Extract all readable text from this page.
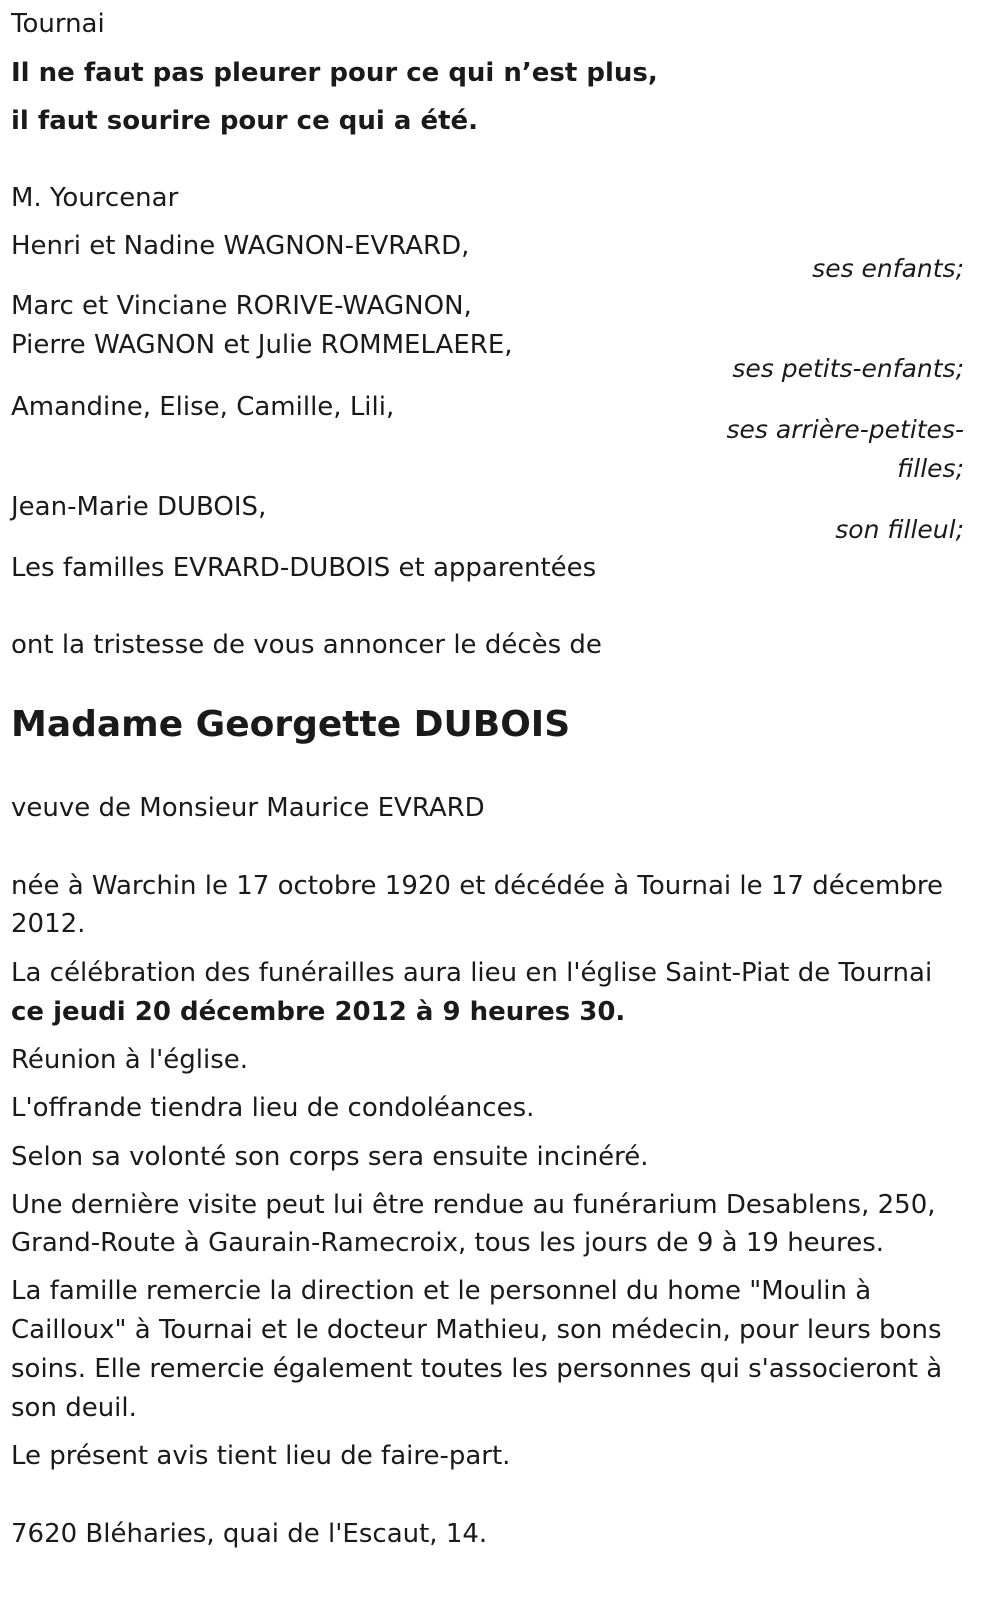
Tournai

Il ne faut pas pleurer pour ce qui n’est plus,

il faut sourire pour ce qui a été.

M. Yourcenar

Henri et Nadine WAGNON-EVRARD,

ses enfants;

Marc et Vinciane RORIVE-WAGNON,

Pierre WAGNON et Julie ROMMELAERE,

ses petits-enfants;

Amandine, Elise, Camille, Lili,

ses arrière-petites-

filles;

Jean-Marie DUBOIS,

son filleul;

Les familles EVRARD-DUBOIS et apparentées

ont la tristesse de vous annoncer le décès de

Madame Georgette DUBOIS

veuve de Monsieur Maurice EVRARD

née à Warchin le 17 octobre 1920 et décédée à Tournai le 17 décembre

2012.

La célébration des funérailles aura lieu en l'église Saint-Piat de Tournai

ce jeudi 20 décembre 2012 à 9 heures 30.

Réunion à l'église.

L'offrande tiendra lieu de condoléances.

Selon sa volonté son corps sera ensuite incinéré.

Une dernière visite peut lui être rendue au funérarium Desablens, 250,

Grand-Route à Gaurain-Ramecroix, tous les jours de 9 à 19 heures.

La famille remercie la direction et le personnel du home "Moulin à

Cailloux" à Tournai et le docteur Mathieu, son médecin, pour leurs bons

soins. Elle remercie également toutes les personnes qui s'associeront à

son deuil.

Le présent avis tient lieu de faire-part.

7620 Bléharies, quai de l'Escaut, 14.
